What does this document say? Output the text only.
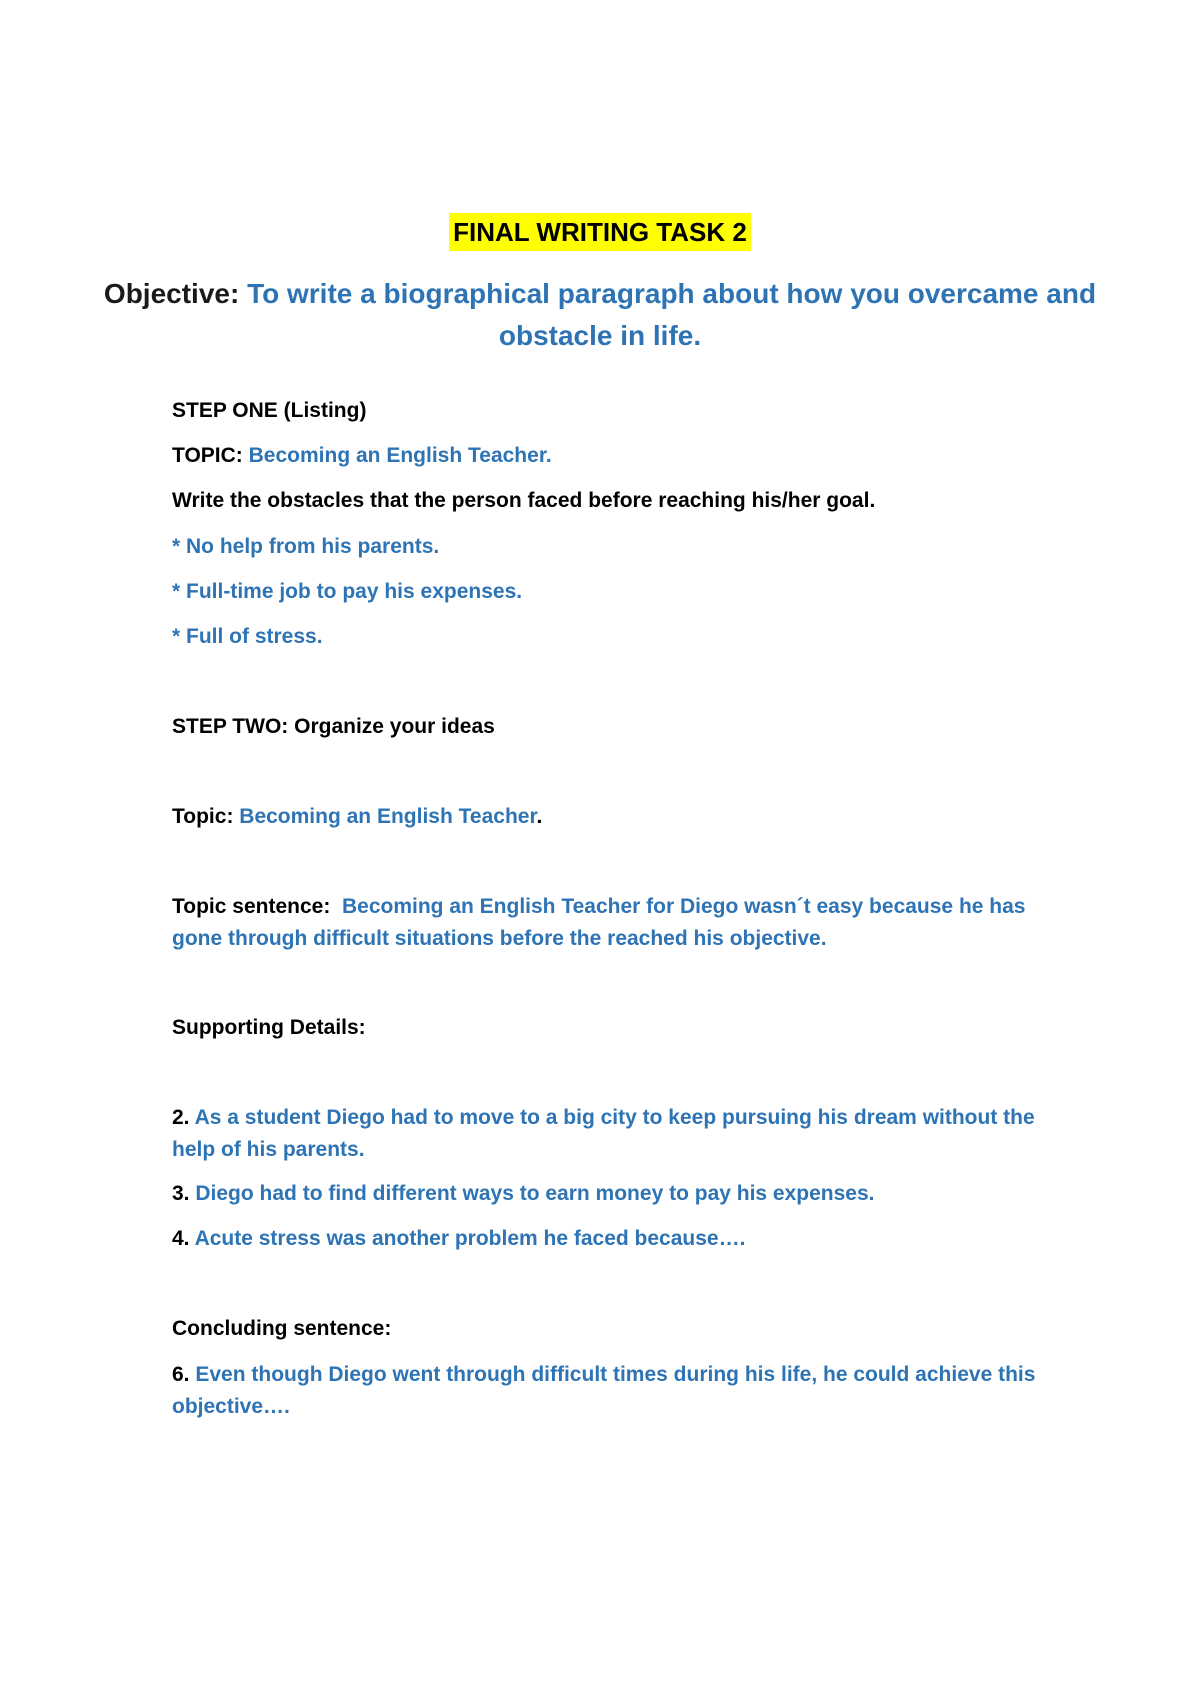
FINAL WRITING TASK 2
Objective: To write a biographical paragraph about how you overcame and obstacle in life.
STEP ONE (Listing)
TOPIC: Becoming an English Teacher.
Write the obstacles that the person faced before reaching his/her goal.
* No help from his parents.
* Full-time job to pay his expenses.
* Full of stress.
STEP TWO: Organize your ideas
Topic: Becoming an English Teacher.
Topic sentence: Becoming an English Teacher for Diego wasn´t easy because he has gone through difficult situations before the reached his objective.
Supporting Details:
2. As a student Diego had to move to a big city to keep pursuing his dream without the help of his parents.
3. Diego had to find different ways to earn money to pay his expenses.
4. Acute stress was another problem he faced because….
Concluding sentence:
6. Even though Diego went through difficult times during his life, he could achieve this objective….
